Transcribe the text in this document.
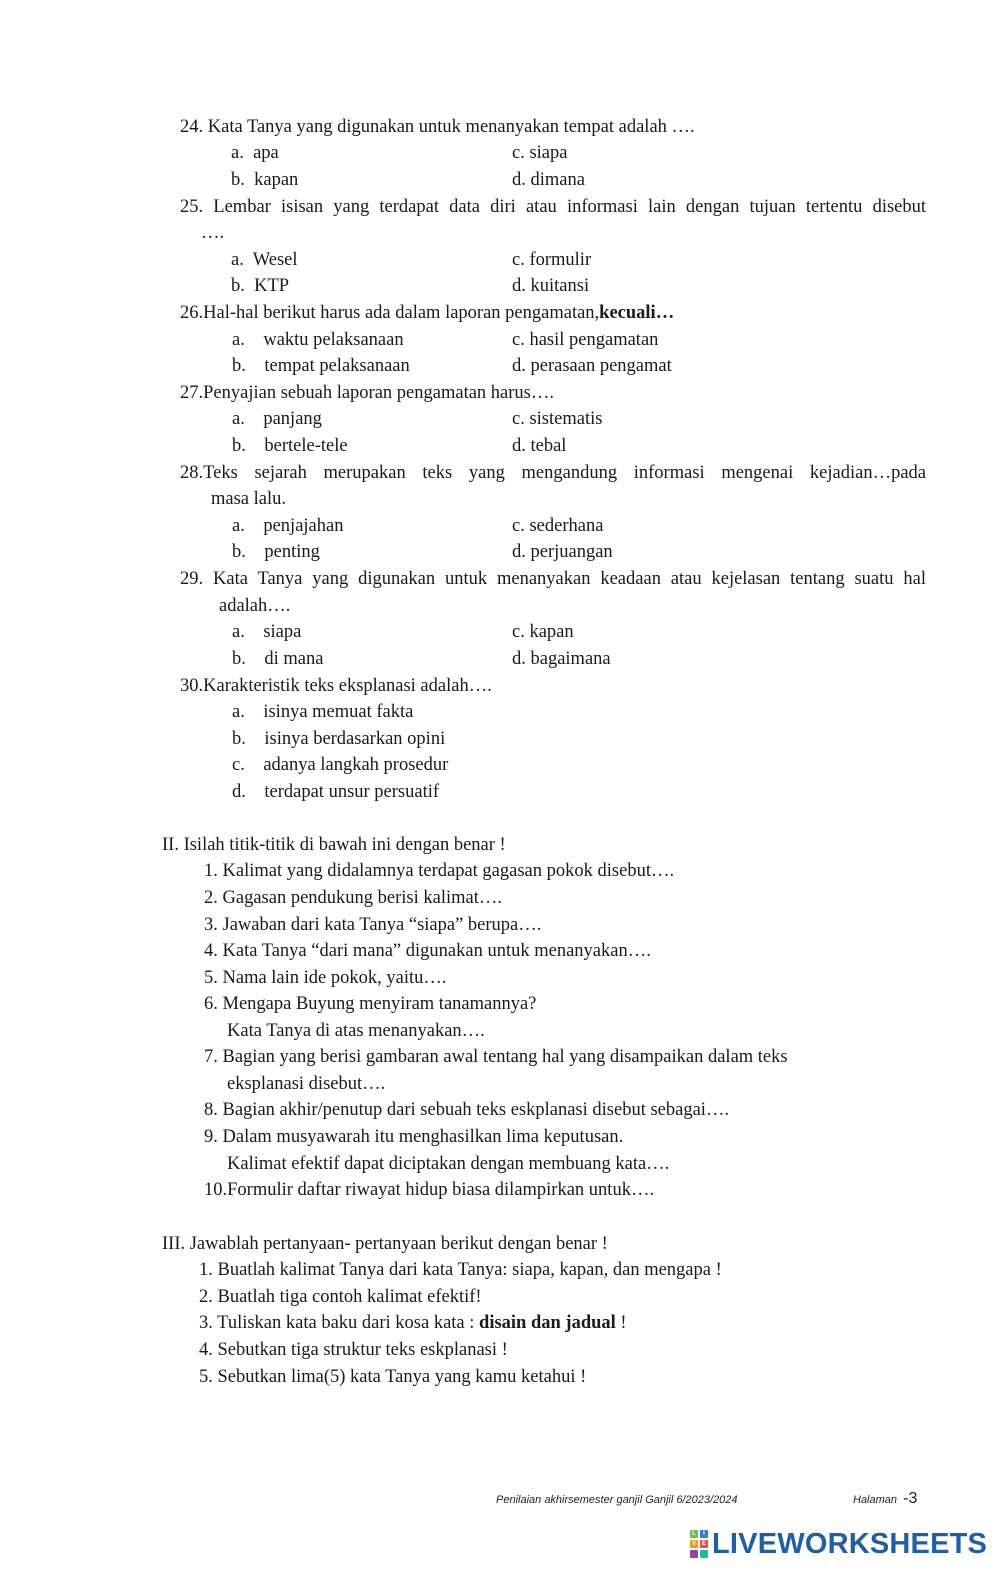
24. Kata Tanya yang digunakan untuk menanyakan tempat adalah ….
a. apa	c. siapa
b. kapan	d. dimana
25. Lembar isisan yang terdapat data diri atau informasi lain dengan tujuan tertentu disebut
….
a. Wesel	c. formulir
b. KTP	d. kuitansi
26.Hal-hal berikut harus ada dalam laporan pengamatan,kecuali…
a. waktu pelaksanaan	c. hasil pengamatan
b. tempat pelaksanaan	d. perasaan pengamat
27.Penyajian sebuah laporan pengamatan harus….
a. panjang	c. sistematis
b. bertele-tele	d. tebal
28.Teks sejarah merupakan teks yang mengandung informasi mengenai kejadian…pada
masa lalu.
a. penjajahan	c. sederhana
b. penting	d. perjuangan
29. Kata Tanya yang digunakan untuk menanyakan keadaan atau kejelasan tentang suatu hal
adalah….
a. siapa	c. kapan
b. di mana	d. bagaimana
30.Karakteristik teks eksplanasi adalah….
a. isinya memuat fakta
b. isinya berdasarkan opini
c. adanya langkah prosedur
d. terdapat unsur persuatif
II. Isilah titik-titik di bawah ini dengan benar !
1. Kalimat yang didalamnya terdapat gagasan pokok disebut….
2. Gagasan pendukung berisi kalimat….
3. Jawaban dari kata Tanya “siapa” berupa….
4. Kata Tanya “dari mana” digunakan untuk menanyakan….
5. Nama lain ide pokok, yaitu….
6. Mengapa Buyung menyiram tanamannya?
Kata Tanya di atas menanyakan….
7. Bagian yang berisi gambaran awal tentang hal yang disampaikan dalam teks
eksplanasi disebut….
8. Bagian akhir/penutup dari sebuah teks eskplanasi disebut sebagai….
9. Dalam musyawarah itu menghasilkan lima keputusan.
Kalimat efektif dapat diciptakan dengan membuang kata….
10.Formulir daftar riwayat hidup biasa dilampirkan untuk….
III. Jawablah pertanyaan- pertanyaan berikut dengan benar !
1. Buatlah kalimat Tanya dari kata Tanya: siapa, kapan, dan mengapa !
2. Buatlah tiga contoh kalimat efektif!
3. Tuliskan kata baku dari kosa kata : disain dan jadual !
4. Sebutkan tiga struktur teks eskplanasi !
5. Sebutkan lima(5) kata Tanya yang kamu ketahui !
Penilaian akhirsemester ganjil Ganjil 6/2023/2024	Halaman -3
L	I
V E LIVEWORKSHEETS
